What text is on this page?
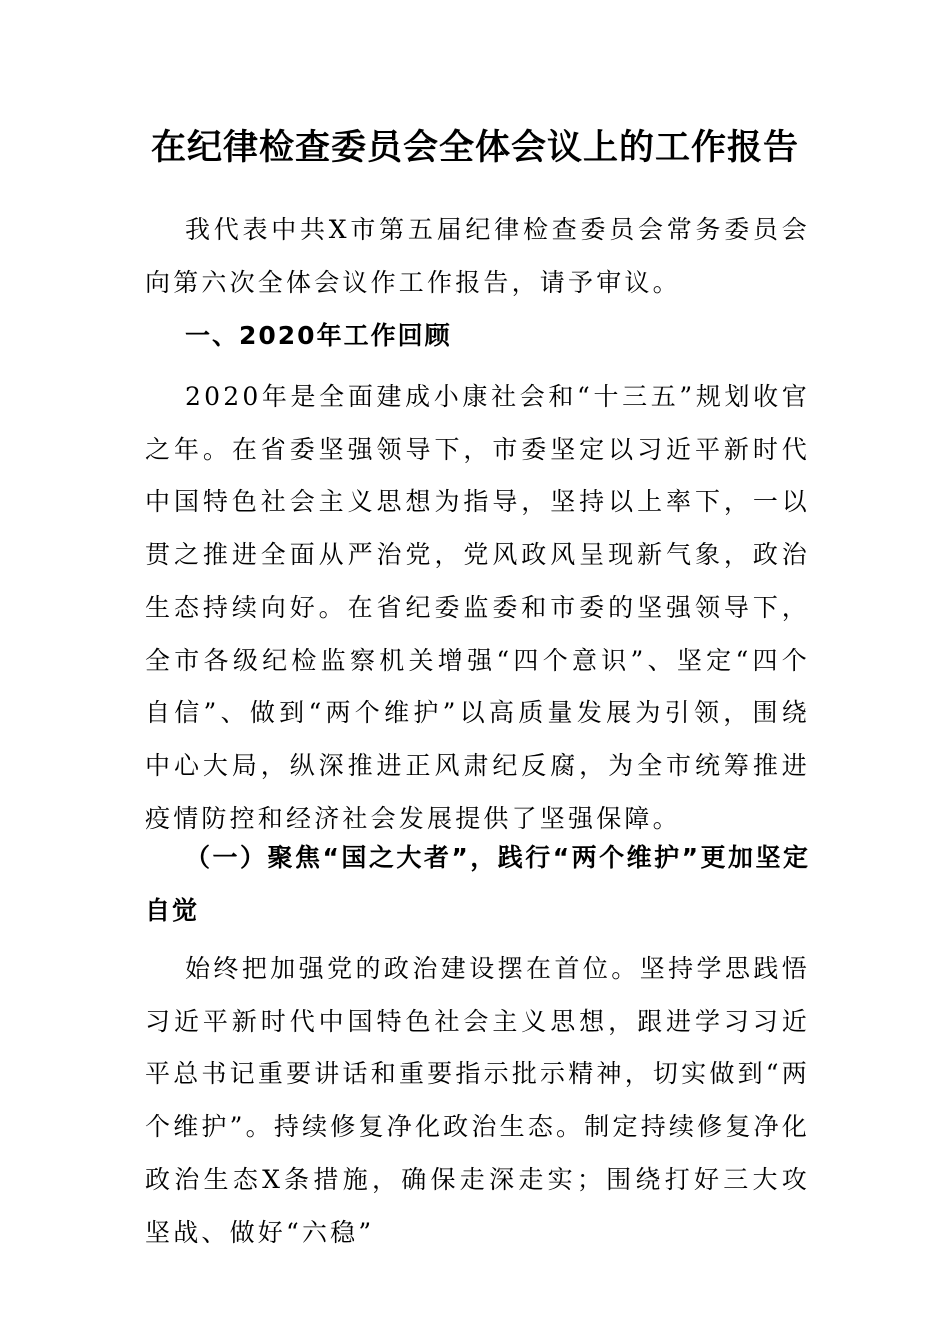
在纪律检查委员会全体会议上的工作报告

我代表中共X市第五届纪律检查委员会常务委员会向第六次全体会议作工作报告，请予审议。

一、2020年工作回顾

2020年是全面建成小康社会和“十三五”规划收官之年。在省委坚强领导下，市委坚定以习近平新时代中国特色社会主义思想为指导，坚持以上率下，一以贯之推进全面从严治党，党风政风呈现新气象，政治生态持续向好。在省纪委监委和市委的坚强领导下，全市各级纪检监察机关增强“四个意识”、坚定“四个自信”、做到“两个维护”以高质量发展为引领，围绕中心大局，纵深推进正风肃纪反腐，为全市统筹推进疫情防控和经济社会发展提供了坚强保障。

（一）聚焦“国之大者”，践行“两个维护”更加坚定自觉

始终把加强党的政治建设摆在首位。坚持学思践悟习近平新时代中国特色社会主义思想，跟进学习习近平总书记重要讲话和重要指示批示精神，切实做到“两个维护”。持续修复净化政治生态。制定持续修复净化政治生态X条措施，确保走深走实；围绕打好三大攻坚战、做好“六稳”
